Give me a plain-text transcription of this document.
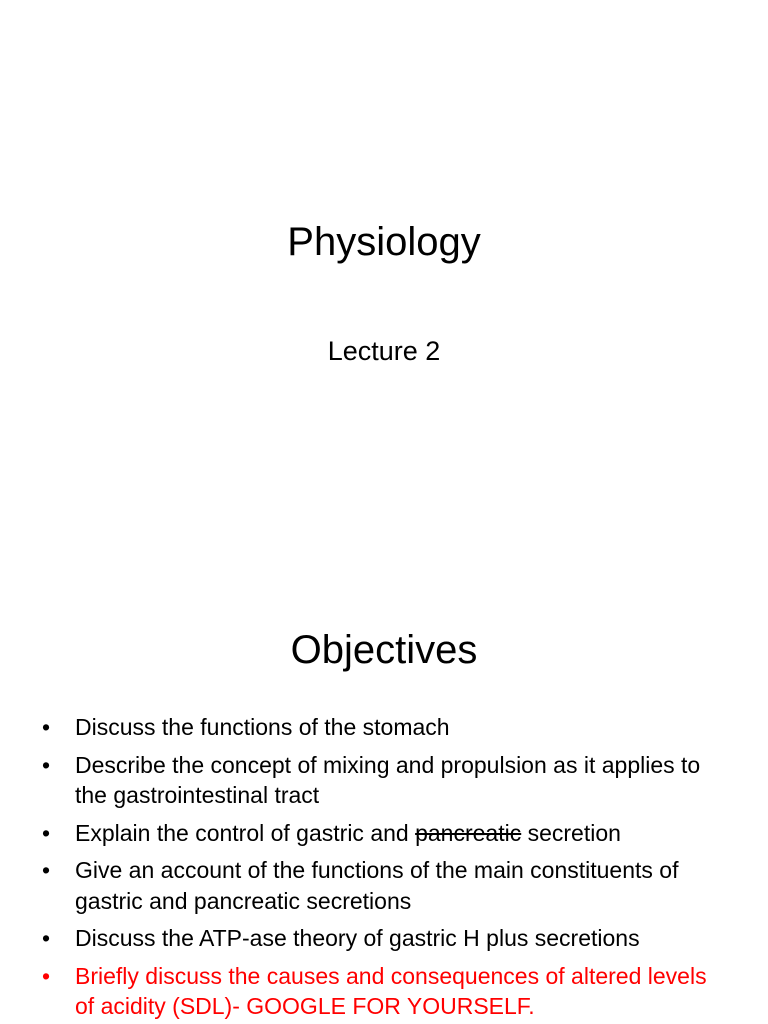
Physiology

Lecture 2

Objectives
• Discuss the functions of the stomach
• Describe the concept of mixing and propulsion as it applies to the gastrointestinal tract
• Explain the control of gastric and pancreatic secretion
• Give an account of the functions of the main constituents of gastric and pancreatic secretions
• Discuss the ATP-ase theory of gastric H plus secretions
• Briefly discuss the causes and consequences of altered levels of acidity (SDL)- GOOGLE FOR YOURSELF.
